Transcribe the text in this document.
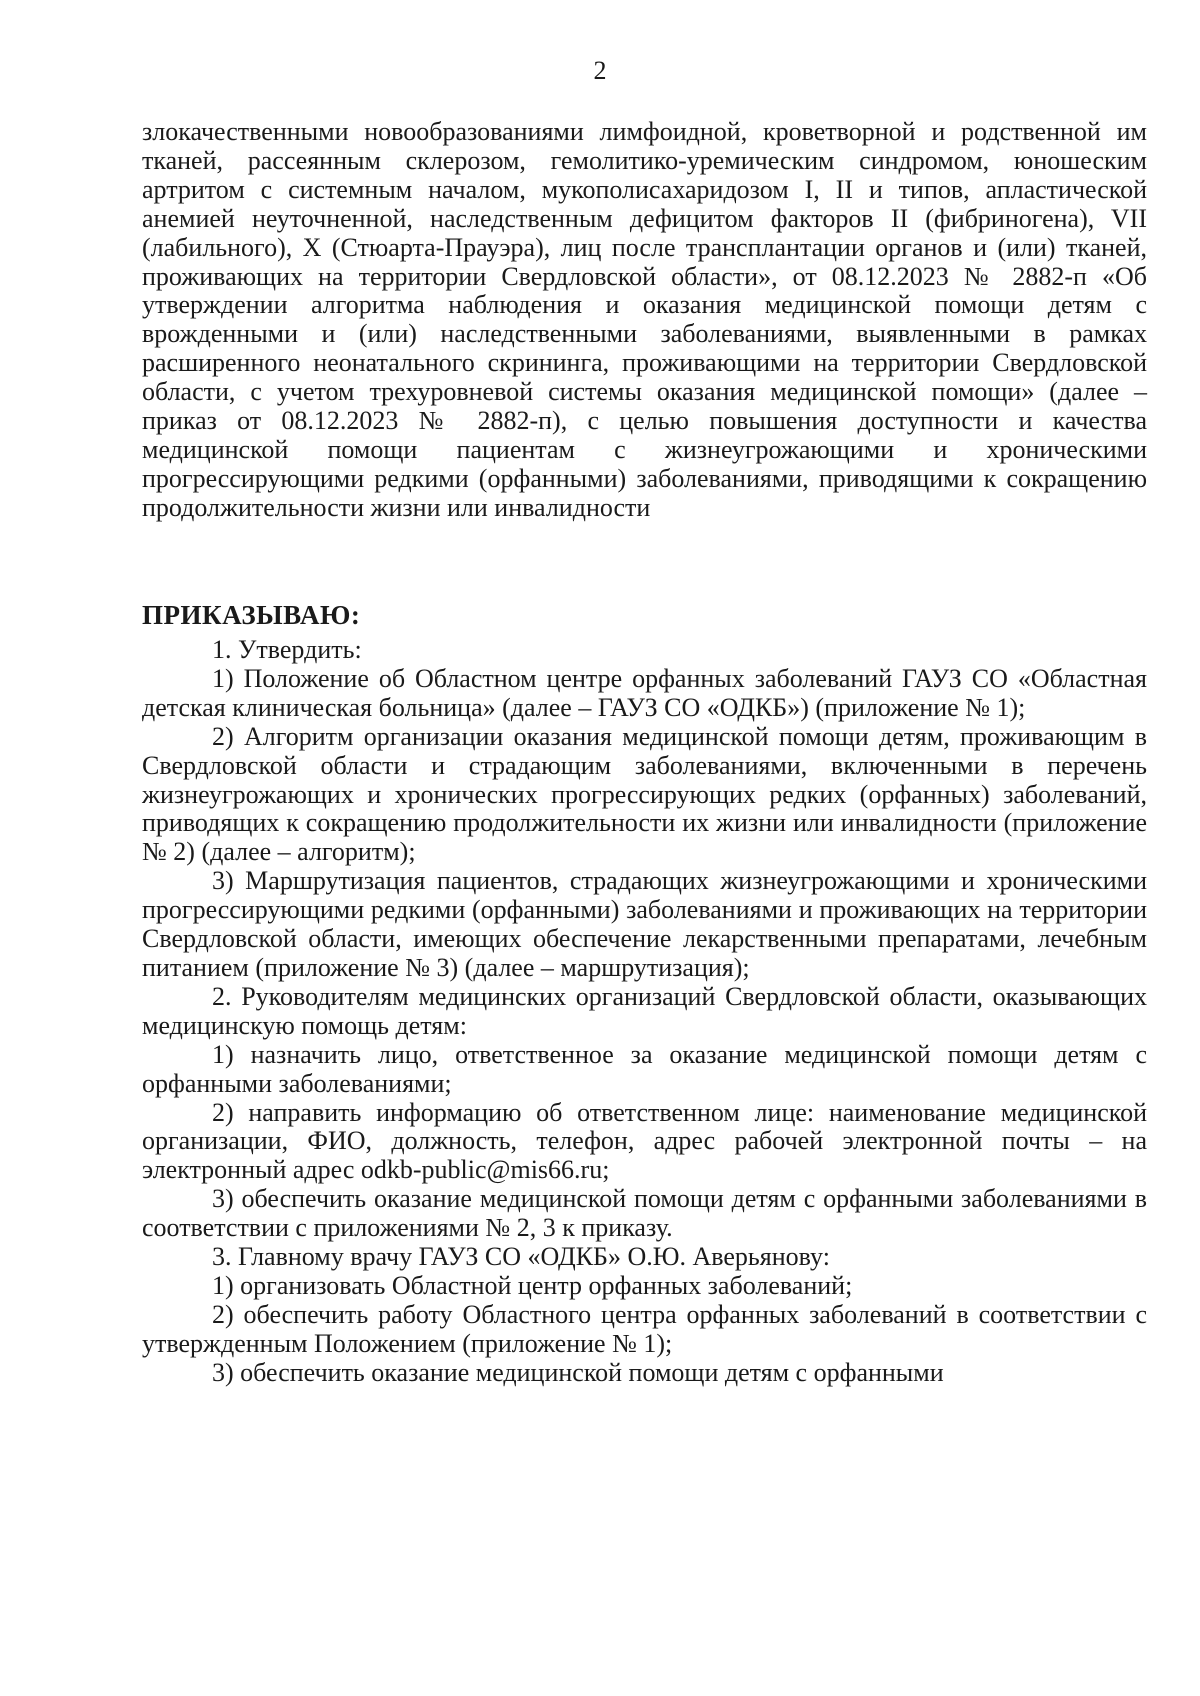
2

злокачественными новообразованиями лимфоидной, кроветворной и родственной им тканей, рассеянным склерозом, гемолитико-уремическим синдромом, юношеским артритом с системным началом, мукополисахаридозом I, II и типов, апластической анемией неуточненной, наследственным дефицитом факторов II (фибриногена), VII (лабильного), X (Стюарта-Прауэра), лиц после трансплантации органов и (или) тканей, проживающих на территории Свердловской области», от 08.12.2023 № 2882-п «Об утверждении алгоритма наблюдения и оказания медицинской помощи детям с врожденными и (или) наследственными заболеваниями, выявленными в рамках расширенного неонатального скрининга, проживающими на территории Свердловской области, с учетом трехуровневой системы оказания медицинской помощи» (далее – приказ от 08.12.2023 № 2882-п), с целью повышения доступности и качества медицинской помощи пациентам с жизнеугрожающими и хроническими прогрессирующими редкими (орфанными) заболеваниями, приводящими к сокращению продолжительности жизни или инвалидности

ПРИКАЗЫВАЮ:

1. Утвердить:

1) Положение об Областном центре орфанных заболеваний ГАУЗ СО «Областная детская клиническая больница» (далее – ГАУЗ СО «ОДКБ») (приложение № 1);

2) Алгоритм организации оказания медицинской помощи детям, проживающим в Свердловской области и страдающим заболеваниями, включенными в перечень жизнеугрожающих и хронических прогрессирующих редких (орфанных) заболеваний, приводящих к сокращению продолжительности их жизни или инвалидности (приложение № 2) (далее – алгоритм);

3) Маршрутизация пациентов, страдающих жизнеугрожающими и хроническими прогрессирующими редкими (орфанными) заболеваниями и проживающих на территории Свердловской области, имеющих обеспечение лекарственными препаратами, лечебным питанием (приложение № 3) (далее – маршрутизация);

2. Руководителям медицинских организаций Свердловской области, оказывающих медицинскую помощь детям:

1) назначить лицо, ответственное за оказание медицинской помощи детям с орфанными заболеваниями;

2) направить информацию об ответственном лице: наименование медицинской организации, ФИО, должность, телефон, адрес рабочей электронной почты – на электронный адрес odkb-public@mis66.ru;

3) обеспечить оказание медицинской помощи детям с орфанными заболеваниями в соответствии с приложениями № 2, 3 к приказу.

3. Главному врачу ГАУЗ СО «ОДКБ» О.Ю. Аверьянову:

1) организовать Областной центр орфанных заболеваний;

2) обеспечить работу Областного центра орфанных заболеваний в соответствии с утвержденным Положением (приложение № 1);

3) обеспечить оказание медицинской помощи детям с орфанными
